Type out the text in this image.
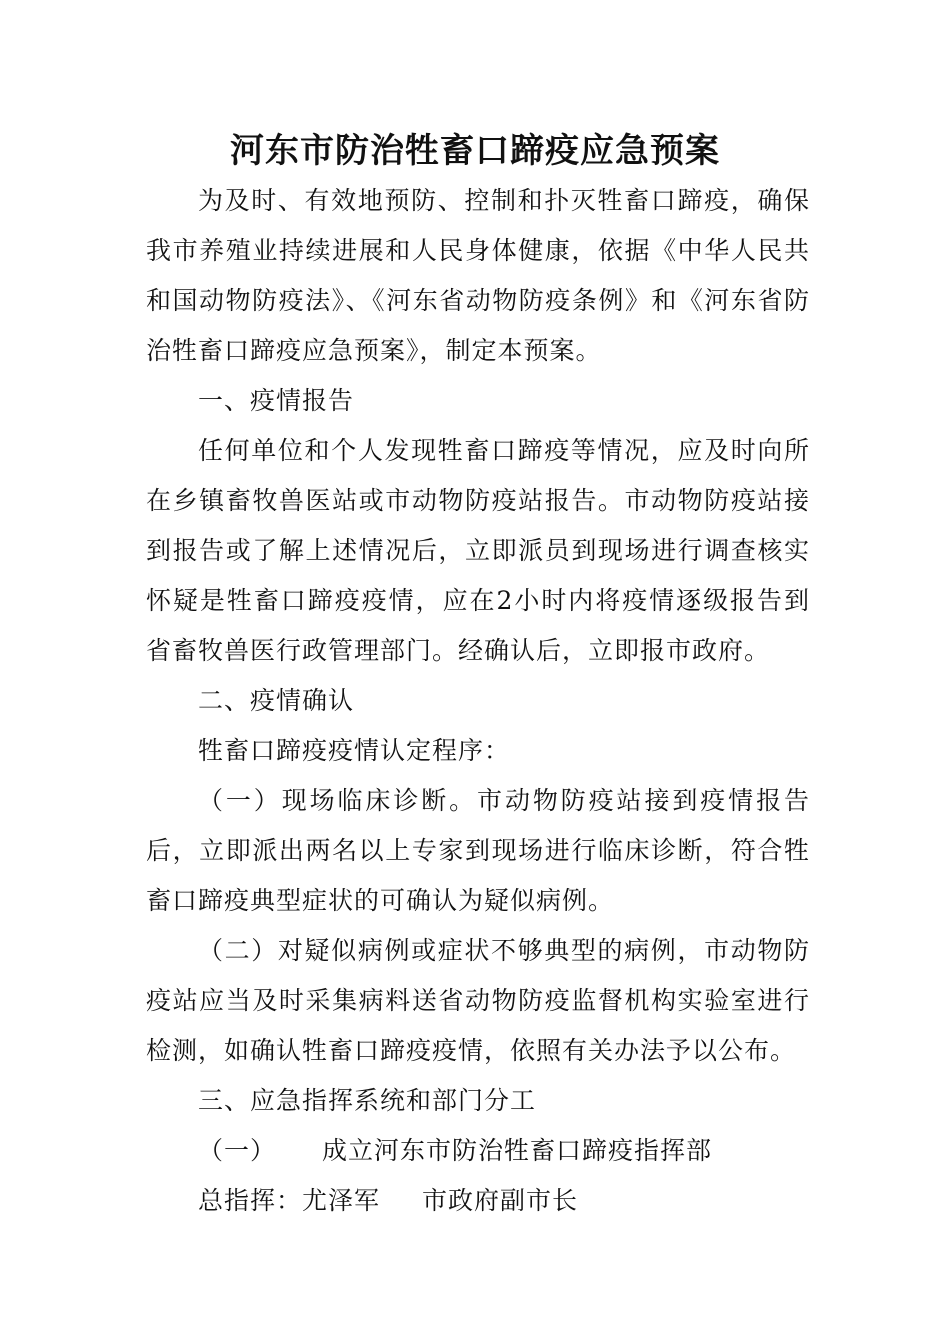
河东市防治牲畜口蹄疫应急预案

为及时、有效地预防、控制和扑灭牲畜口蹄疫，确保我市养殖业持续进展和人民身体健康，依据《中华人民共和国动物防疫法》、《河东省动物防疫条例》和《河东省防治牲畜口蹄疫应急预案》，制定本预案。

一、疫情报告

任何单位和个人发现牲畜口蹄疫等情况，应及时向所在乡镇畜牧兽医站或市动物防疫站报告。市动物防疫站接到报告或了解上述情况后，立即派员到现场进行调查核实怀疑是牲畜口蹄疫疫情，应在2小时内将疫情逐级报告到省畜牧兽医行政管理部门。经确认后，立即报市政府。

二、疫情确认

牲畜口蹄疫疫情认定程序：

（一）现场临床诊断。市动物防疫站接到疫情报告后，立即派出两名以上专家到现场进行临床诊断，符合牲畜口蹄疫典型症状的可确认为疑似病例。

（二）对疑似病例或症状不够典型的病例，市动物防疫站应当及时采集病料送省动物防疫监督机构实验室进行检测，如确认牲畜口蹄疫疫情，依照有关办法予以公布。

三、应急指挥系统和部门分工

（一） 成立河东市防治牲畜口蹄疫指挥部

总指挥：尤泽军 市政府副市长
